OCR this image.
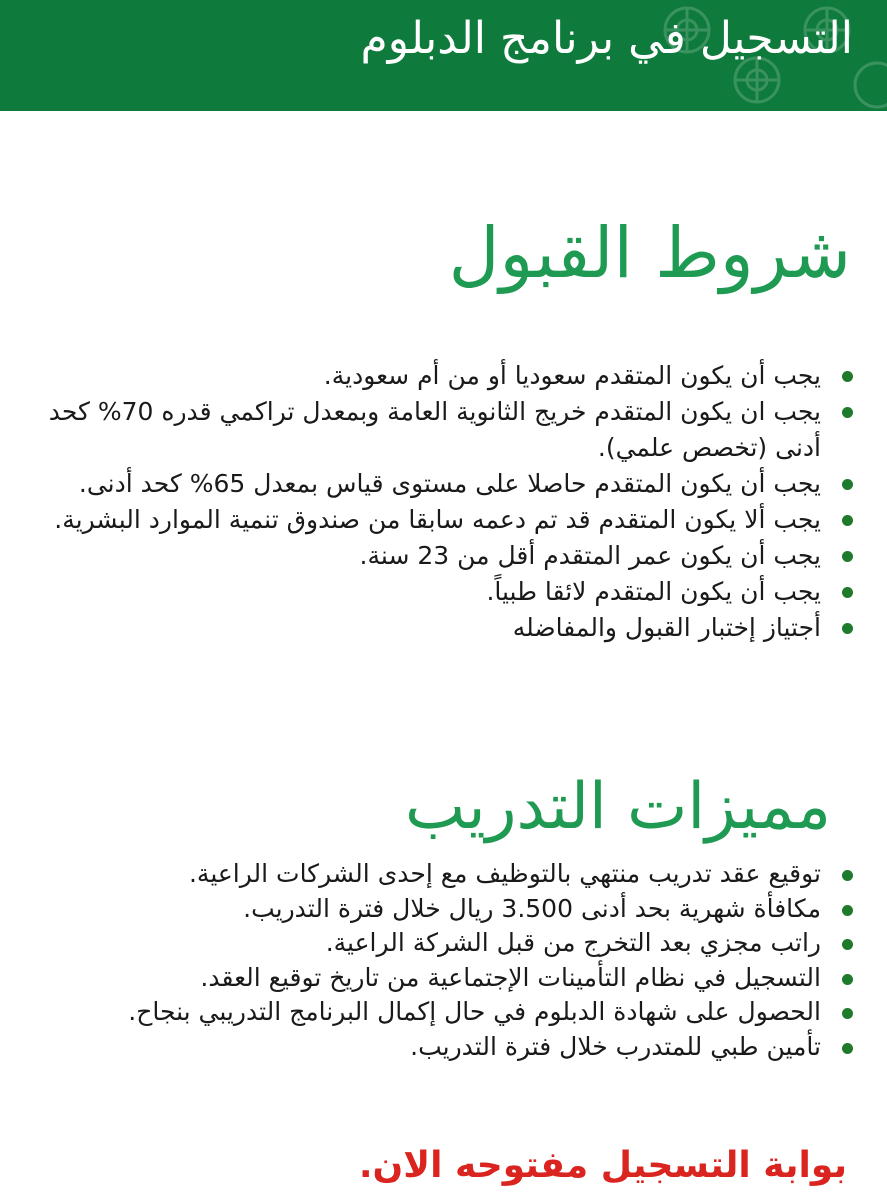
التسجيل في برنامج الدبلوم
شروط القبول
يجب أن يكون المتقدم سعوديا أو من أم سعودية.
يجب ان يكون المتقدم خريج الثانوية العامة وبمعدل تراكمي قدره 70% كحد أدنى (تخصص علمي).
يجب أن يكون المتقدم حاصلا على مستوى قياس بمعدل 65% كحد أدنى.
يجب ألا يكون المتقدم قد تم دعمه سابقا من صندوق تنمية الموارد البشرية.
يجب أن يكون عمر المتقدم أقل من 23 سنة.
يجب أن يكون المتقدم لائقا طبياً.
أجتياز إختبار القبول والمفاضله
مميزات التدريب
توقيع عقد تدريب منتهي بالتوظيف مع إحدى الشركات الراعية.
مكافأة شهرية بحد أدنى 3.500 ريال خلال فترة التدريب.
راتب مجزي بعد التخرج من قبل الشركة الراعية.
التسجيل في نظام التأمينات الإجتماعية من تاريخ توقيع العقد.
الحصول على شهادة الدبلوم في حال إكمال البرنامج التدريبي بنجاح.
تأمين طبي للمتدرب خلال فترة التدريب.

بوابة التسجيل مفتوحه الان.
